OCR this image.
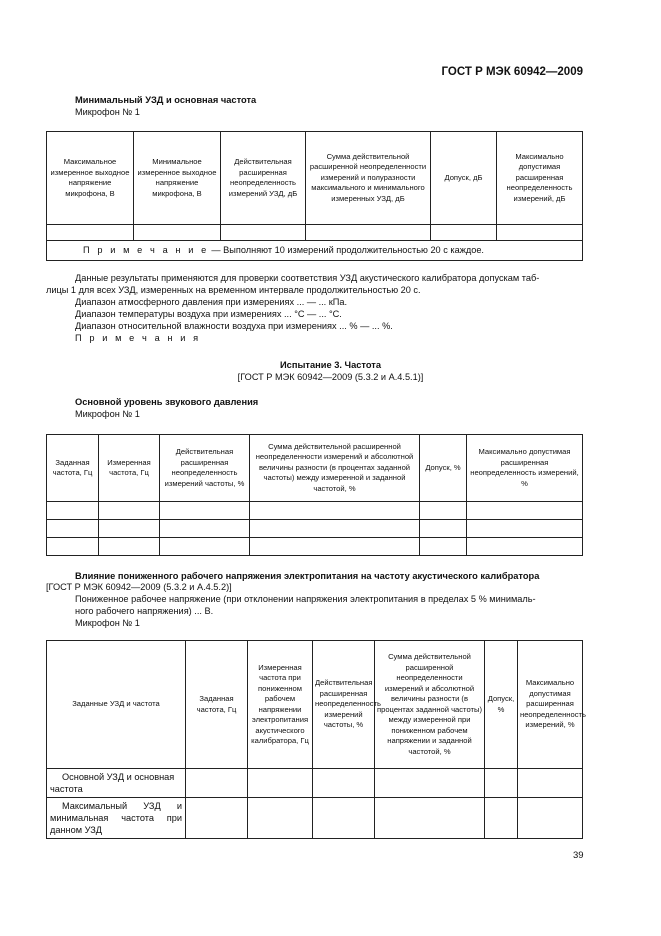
ГОСТ Р МЭК 60942—2009
Минимальный УЗД и основная частота
Микрофон № 1
Максимальное измеренное выходное напряжение микрофона, В	Минимальное измеренное выходное напряжение микрофона, В	Действительная расширенная неопределенность измерений УЗД, дБ	Сумма действительной расширенной неопределенности измерений и полуразности максимального и минимального измеренных УЗД, дБ	Допуск, дБ	Максимально допустимая расширенная неопределенность измерений, дБ

П р и м е ч а н и е — Выполняют 10 измерений продолжительностью 20 с каждое.					
Данные результаты применяются для проверки соответствия УЗД акустического калибратора допускам таб-
лицы 1 для всех УЗД, измеренных на временном интервале продолжительностью 20 с.
Диапазон атмосферного давления при измерениях ... — ... кПа.
Диапазон температуры воздуха при измерениях ... °С — ... °С.
П р и м е ч а н и я
Диапазон относительной влажности воздуха при измерениях ... % — ... %.
Испытание 3. Частота
[ГОСТ Р МЭК 60942—2009 (5.3.2 и А.4.5.1)]
Основной уровень звукового давления
Микрофон № 1
Заданная частота, Гц	Измеренная частота, Гц	Действительная расширенная неопределенность измерений частоты, %	Сумма действительной расширенной неопределенности измерений и абсолютной величины разности (в процентах заданной частоты) между измеренной и заданной частотой, %	Допуск, %	Максимально допустимая расширенная неопределенность измерений, %

Влияние пониженного рабочего напряжения электропитания на частоту акустического калибратора
[ГОСТ Р МЭК 60942—2009 (5.3.2 и А.4.5.2)]
Пониженное рабочее напряжение (при отклонении напряжения электропитания в пределах 5 % минималь-
ного рабочего напряжения) ... В.
Микрофон № 1
Заданные УЗД и частота	Заданная частота, Гц	Измеренная частота при пониженном рабочем напряжении электропитания акустического калибратора, Гц	Действительная расширенная неопределенность измерений частоты, %	Сумма действительной расширенной неопределенности измерений и абсолютной величины разности (в процентах заданной частоты) между измеренной при пониженном рабочем напряжении и заданной частотой, %	Допуск, %	Максимально допустимая расширенная неопределенность измерений, %
Основной УЗД и основная частота						
Максимальный УЗД и минимальная частота при данном УЗД						
39
